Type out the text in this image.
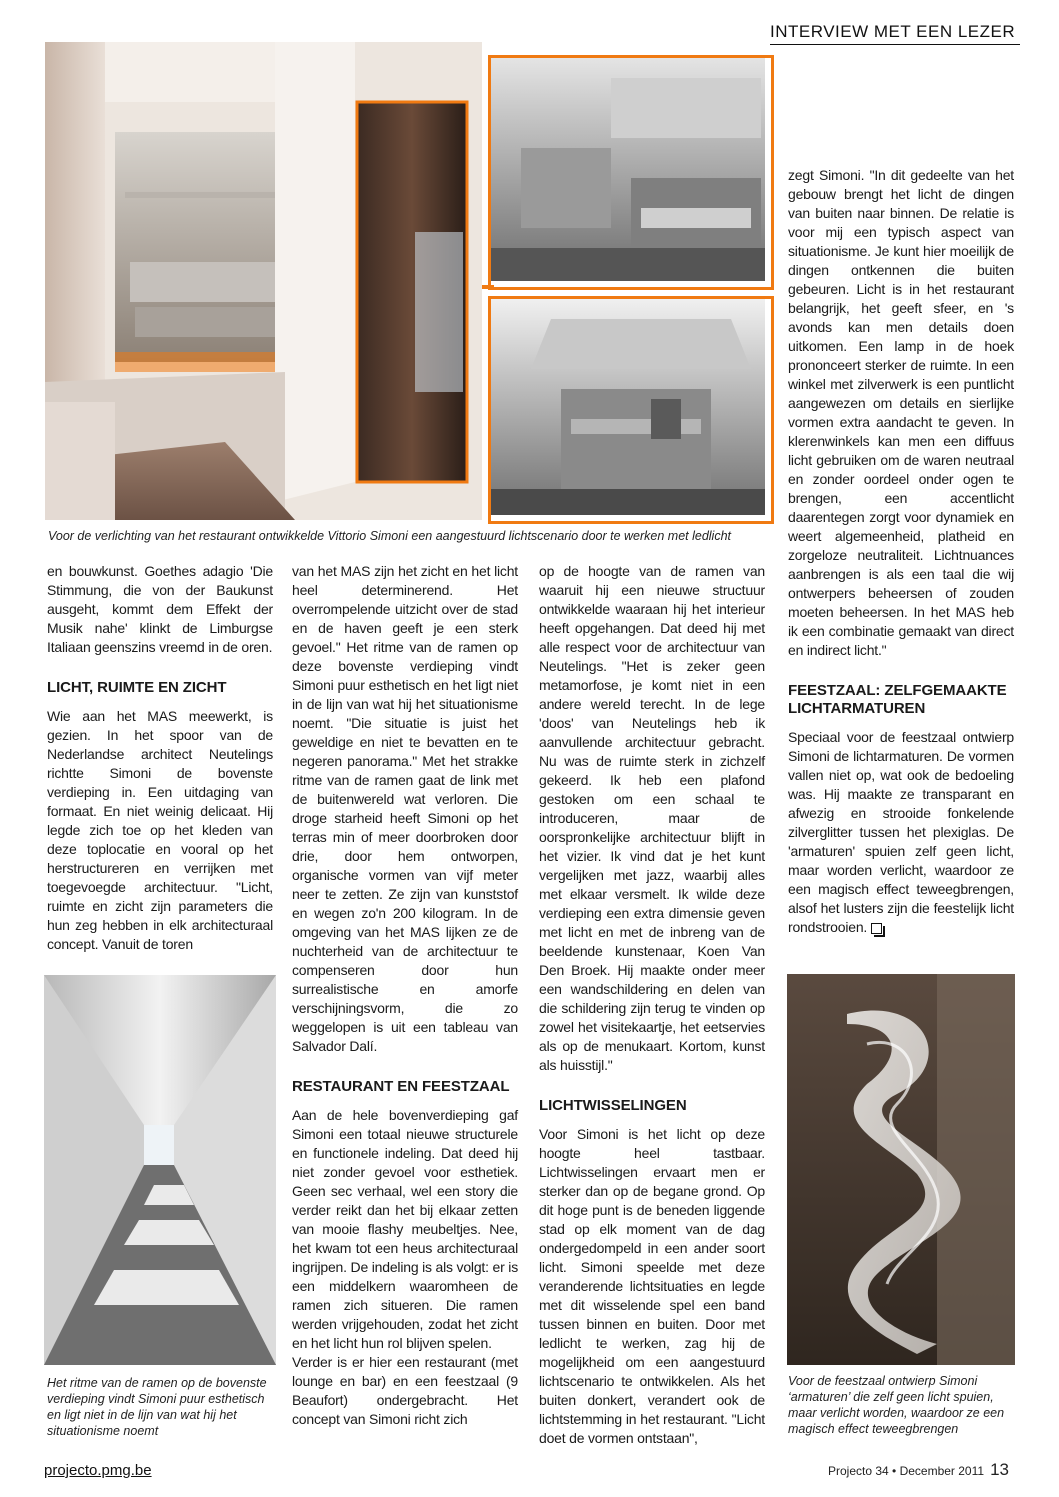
INTERVIEW MET EEN LEZER
Voor de verlichting van het restaurant ontwikkelde Vittorio Simoni een aangestuurd lichtscenario door te werken met ledlicht

en bouwkunst. Goethes adagio 'Die Stimmung, die von der Baukunst ausgeht, kommt dem Effekt der Musik nahe' klinkt de Limburgse Italiaan geenszins vreemd in de oren.

LICHT, RUIMTE EN ZICHT

Wie aan het MAS meewerkt, is gezien. In het spoor van de Nederlandse architect Neutelings richtte Simoni de bovenste verdieping in. Een uitdaging van formaat. En niet weinig delicaat. Hij legde zich toe op het kleden van deze toplocatie en vooral op het herstructureren en verrijken met toegevoegde architectuur. "Licht, ruimte en zicht zijn parameters die hun zeg hebben in elk architecturaal concept. Vanuit de toren

Het ritme van de ramen op de bovenste verdieping vindt Simoni puur esthetisch en ligt niet in de lijn van wat hij het situationisme noemt

van het MAS zijn het zicht en het licht heel determinerend. Het overrompelende uitzicht over de stad en de haven geeft je een sterk gevoel." Het ritme van de ramen op deze bovenste verdieping vindt Simoni puur esthetisch en het ligt niet in de lijn van wat hij het situationisme noemt. "Die situatie is juist het geweldige en niet te bevatten en te negeren panorama." Met het strakke ritme van de ramen gaat de link met de buitenwereld wat verloren. Die droge starheid heeft Simoni op het terras min of meer doorbroken door drie, door hem ontworpen, organische vormen van vijf meter neer te zetten. Ze zijn van kunststof en wegen zo'n 200 kilogram. In de omgeving van het MAS lijken ze de nuchterheid van de architectuur te compenseren door hun surrealistische en amorfe verschijningsvorm, die zo weggelopen is uit een tableau van Salvador Dalí.

RESTAURANT EN FEESTZAAL

Aan de hele bovenverdieping gaf Simoni een totaal nieuwe structurele en functionele indeling. Dat deed hij niet zonder gevoel voor esthetiek. Geen sec verhaal, wel een story die verder reikt dan het bij elkaar zetten van mooie flashy meubeltjes. Nee, het kwam tot een heus architecturaal ingrijpen. De indeling is als volgt: er is een middelkern waaromheen de ramen zich situeren. Die ramen werden vrijgehouden, zodat het zicht en het licht hun rol blijven spelen.

Verder is er hier een restaurant (met lounge en bar) en een feestzaal (9 Beaufort) ondergebracht. Het concept van Simoni richt zich

op de hoogte van de ramen van waaruit hij een nieuwe structuur ontwikkelde waaraan hij het interieur heeft opgehangen. Dat deed hij met alle respect voor de architectuur van Neutelings. "Het is zeker geen metamorfose, je komt niet in een andere wereld terecht. In de lege 'doos' van Neutelings heb ik aanvullende architectuur gebracht. Nu was de ruimte sterk in zichzelf gekeerd. Ik heb een plafond gestoken om een schaal te introduceren, maar de oorspronkelijke architectuur blijft in het vizier. Ik vind dat je het kunt vergelijken met jazz, waarbij alles met elkaar versmelt. Ik wilde deze verdieping een extra dimensie geven met licht en met de inbreng van de beeldende kunstenaar, Koen Van Den Broek. Hij maakte onder meer een wandschildering en delen van die schildering zijn terug te vinden op zowel het visitekaartje, het eetservies als op de menukaart. Kortom, kunst als huisstijl."

LICHTWISSELINGEN

Voor Simoni is het licht op deze hoogte heel tastbaar. Lichtwisselingen ervaart men er sterker dan op de begane grond. Op dit hoge punt is de beneden liggende stad op elk moment van de dag ondergedompeld in een ander soort licht. Simoni speelde met deze veranderende lichtsituaties en legde met dit wisselende spel een band tussen binnen en buiten. Door met ledlicht te werken, zag hij de mogelijkheid om een aangestuurd lichtscenario te ontwikkelen. Als het buiten donkert, verandert ook de lichtstemming in het restaurant. "Licht doet de vormen ontstaan",

zegt Simoni. "In dit gedeelte van het gebouw brengt het licht de dingen van buiten naar binnen. De relatie is voor mij een typisch aspect van situationisme. Je kunt hier moeilijk de dingen ontkennen die buiten gebeuren. Licht is in het restaurant belangrijk, het geeft sfeer, en 's avonds kan men details doen uitkomen. Een lamp in de hoek prononceert sterker de ruimte. In een winkel met zilverwerk is een puntlicht aangewezen om details en sierlijke vormen extra aandacht te geven. In klerenwinkels kan men een diffuus licht gebruiken om de waren neutraal en zonder oordeel onder ogen te brengen, een accentlicht daarentegen zorgt voor dynamiek en weert algemeenheid, platheid en zorgeloze neutraliteit. Lichtnuances aanbrengen is als een taal die wij ontwerpers beheersen of zouden moeten beheersen. In het MAS heb ik een combinatie gemaakt van direct en indirect licht."

FEESTZAAL: ZELFGEMAAKTE LICHTARMATUREN

Speciaal voor de feestzaal ontwierp Simoni de lichtarmaturen. De vormen vallen niet op, wat ook de bedoeling was. Hij maakte ze transparant en afwezig en strooide fonkelende zilverglitter tussen het plexiglas. De 'armaturen' spuien zelf geen licht, maar worden verlicht, waardoor ze een magisch effect teweegbrengen, alsof het lusters zijn die feestelijk licht rondstrooien.

Voor de feestzaal ontwierp Simoni ‘armaturen’ die zelf geen licht spuien, maar verlicht worden, waardoor ze een magisch effect teweegbrengen
projecto.pmg.be	Projecto 34 • December 2011 13
